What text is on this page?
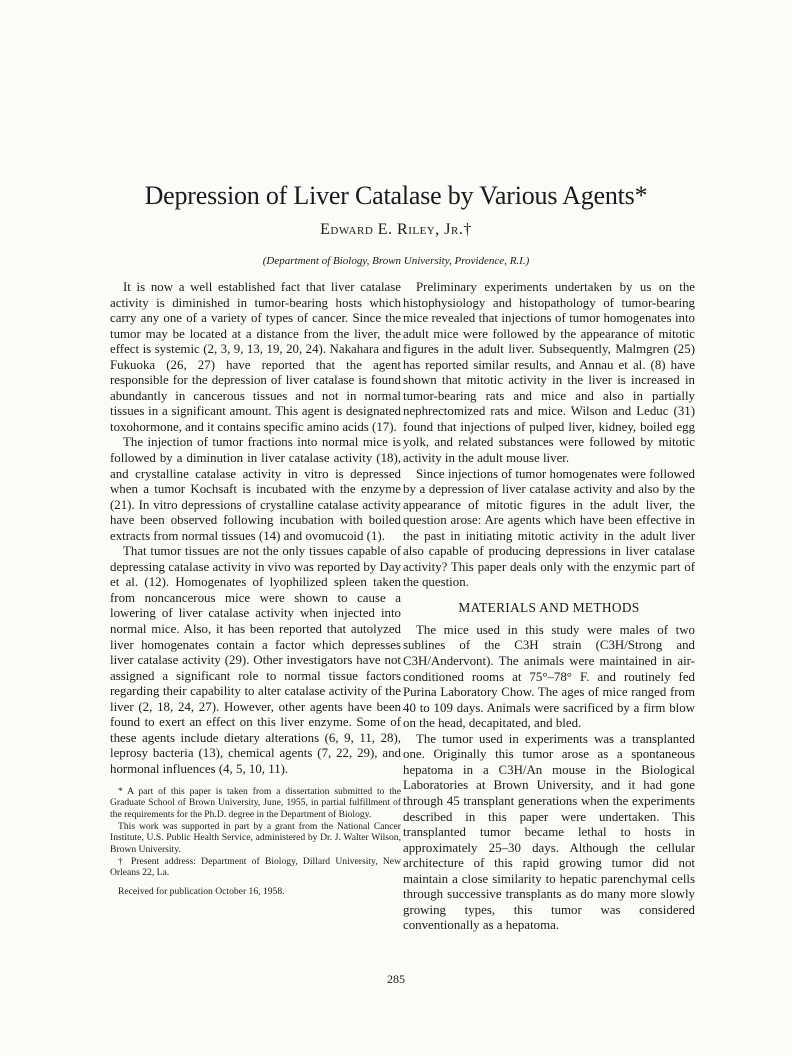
Depression of Liver Catalase by Various Agents*
Edward E. Riley, Jr.†
(Department of Biology, Brown University, Providence, R.I.)

It is now a well established fact that liver catalase activity is diminished in tumor-bearing hosts which carry any one of a variety of types of cancer. Since the tumor may be located at a distance from the liver, the effect is systemic (2, 3, 9, 13, 19, 20, 24). Nakahara and Fukuoka (26, 27) have reported that the agent responsible for the depression of liver catalase is found abundantly in cancerous tissues and not in normal tissues in a significant amount. This agent is designated toxohormone, and it contains specific amino acids (17).

The injection of tumor fractions into normal mice is followed by a diminution in liver catalase activity (18), and crystalline catalase activity in vitro is depressed when a tumor Kochsaft is incubated with the enzyme (21). In vitro depressions of crystalline catalase activity have been observed following incubation with boiled extracts from normal tissues (14) and ovomucoid (1).

That tumor tissues are not the only tissues capable of depressing catalase activity in vivo was reported by Day et al. (12). Homogenates of lyophilized spleen taken from noncancerous mice were shown to cause a lowering of liver catalase activity when injected into normal mice. Also, it has been reported that autolyzed liver homogenates contain a factor which depresses liver catalase activity (29). Other investigators have not assigned a significant role to normal tissue factors regarding their capability to alter catalase activity of the liver (2, 18, 24, 27). However, other agents have been found to exert an effect on this liver enzyme. Some of these agents include dietary alterations (6, 9, 11, 28), leprosy bacteria (13), chemical agents (7, 22, 29), and hormonal influences (4, 5, 10, 11).

* A part of this paper is taken from a dissertation submitted to the Graduate School of Brown University, June, 1955, in partial fulfillment of the requirements for the Ph.D. degree in the Department of Biology.

This work was supported in part by a grant from the National Cancer Institute, U.S. Public Health Service, administered by Dr. J. Walter Wilson, Brown University.

† Present address: Department of Biology, Dillard University, New Orleans 22, La.

Received for publication October 16, 1958.

Preliminary experiments undertaken by us on the histophysiology and histopathology of tumor-bearing mice revealed that injections of tumor homogenates into adult mice were followed by the appearance of mitotic figures in the adult liver. Subsequently, Malmgren (25) has reported similar results, and Annau et al. (8) have shown that mitotic activity in the liver is increased in tumor-bearing rats and mice and also in partially nephrectomized rats and mice. Wilson and Leduc (31) found that injections of pulped liver, kidney, boiled egg yolk, and related substances were followed by mitotic activity in the adult mouse liver.

Since injections of tumor homogenates were followed by a depression of liver catalase activity and also by the appearance of mitotic figures in the adult liver, the question arose: Are agents which have been effective in the past in initiating mitotic activity in the adult liver also capable of producing depressions in liver catalase activity? This paper deals only with the enzymic part of the question.

MATERIALS AND METHODS

The mice used in this study were males of two sublines of the C3H strain (C3H/Strong and C3H/Andervont). The animals were maintained in air-conditioned rooms at 75°–78° F. and routinely fed Purina Laboratory Chow. The ages of mice ranged from 40 to 109 days. Animals were sacrificed by a firm blow on the head, decapitated, and bled.

The tumor used in experiments was a transplanted one. Originally this tumor arose as a spontaneous hepatoma in a C3H/An mouse in the Biological Laboratories at Brown University, and it had gone through 45 transplant generations when the experiments described in this paper were undertaken. This transplanted tumor became lethal to hosts in approximately 25–30 days. Although the cellular architecture of this rapid growing tumor did not maintain a close similarity to hepatic parenchymal cells through successive transplants as do many more slowly growing types, this tumor was considered conventionally as a hepatoma.

285
